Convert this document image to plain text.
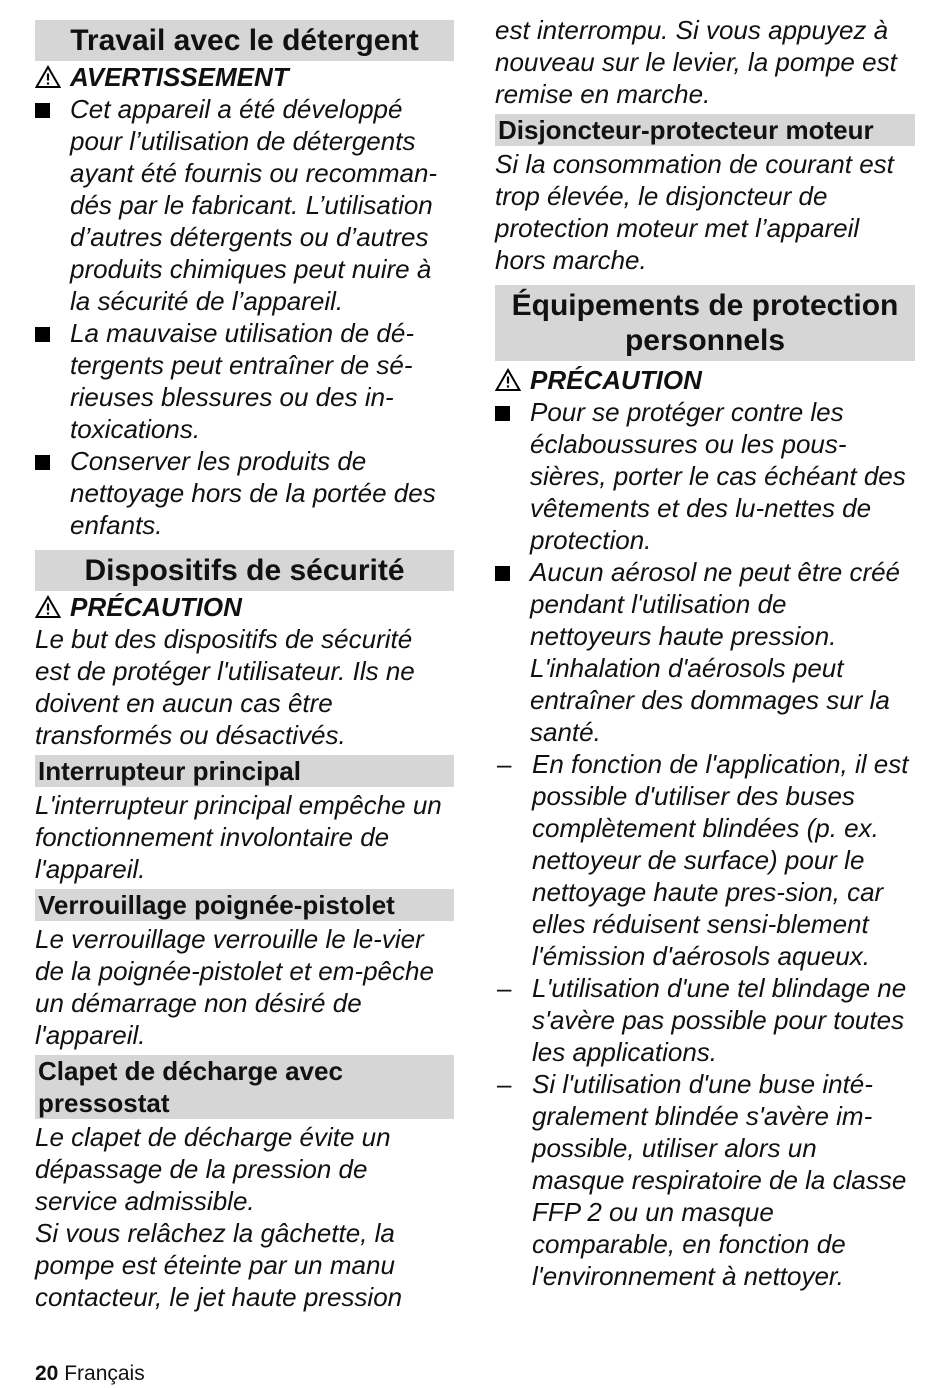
Travail avec le détergent
AVERTISSEMENT
Cet appareil a été développé pour l’utilisation de détergents ayant été fournis ou recomman-dés par le fabricant. L’utilisation d’autres détergents ou d’autres produits chimiques peut nuire à la sécurité de l’appareil.
La mauvaise utilisation de dé-tergents peut entraîner de sé-rieuses blessures ou des in-toxications.
Conserver les produits de nettoyage hors de la portée des enfants.
Dispositifs de sécurité
PRÉCAUTION

Le but des dispositifs de sécurité est de protéger l'utilisateur. Ils ne doivent en aucun cas être transformés ou désactivés.

Interrupteur principal

L'interrupteur principal empêche un fonctionnement involontaire de l'appareil.

Verrouillage poignée-pistolet

Le verrouillage verrouille le le-vier de la poignée-pistolet et em-pêche un démarrage non désiré de l'appareil.

Clapet de décharge avec pressostat

Le clapet de décharge évite un dépassage de la pression de service admissible.

Si vous relâchez la gâchette, la pompe est éteinte par un manu contacteur, le jet haute pression

est interrompu. Si vous appuyez à nouveau sur le levier, la pompe est remise en marche.

Disjoncteur-protecteur moteur

Si la consommation de courant est trop élevée, le disjoncteur de protection moteur met l’appareil hors marche.

Équipements de protection personnels
PRÉCAUTION
Pour se protéger contre les éclaboussures ou les pous-sières, porter le cas échéant des vêtements et des lu-nettes de protection.
Aucun aérosol ne peut être créé pendant l'utilisation de nettoyeurs haute pression. L'inhalation d'aérosols peut entraîner des dommages sur la santé.
– En fonction de l'application, il est possible d'utiliser des buses complètement blindées (p. ex. nettoyeur de surface) pour le nettoyage haute pres-sion, car elles réduisent sensi-blement l'émission d'aérosols aqueux.
– L'utilisation d'une tel blindage ne s'avère pas possible pour toutes les applications.
– Si l'utilisation d'une buse inté-gralement blindée s'avère im-possible, utiliser alors un masque respiratoire de la classe FFP 2 ou un masque comparable, en fonction de l'environnement à nettoyer.
20 Français
